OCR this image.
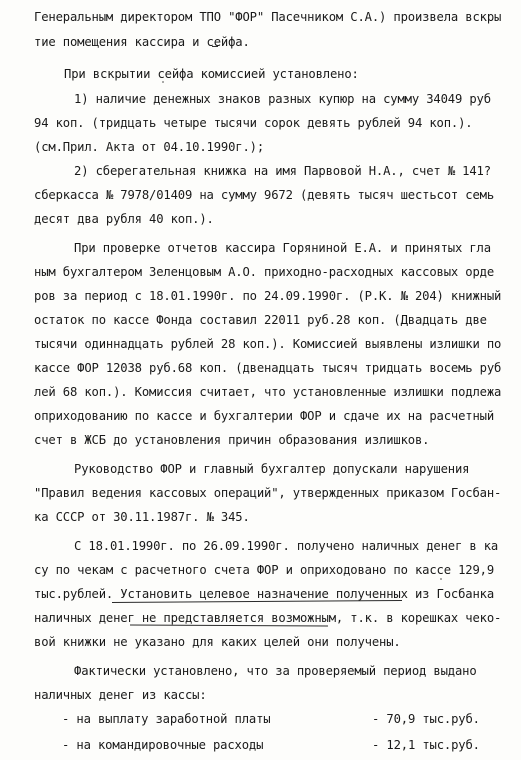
Генеральным директором ТПО "ФОР" Пасечником С.А.) произвела вскры
тие помещения кассира и сейфа.
При вскрытии сейфа комиссией установлено:
1) наличие денежных знаков разных купюр на сумму 34049 руб
94 коп. (тридцать четыре тысячи сорок девять рублей 94 коп.).
(см.Прил. Акта от 04.10.1990г.);
2) сберегательная книжка на имя Парвовой Н.А., счет № 141?
сберкасса № 7978/01409 на сумму 9672 (девять тысяч шестьсот семь
десят два рубля 40 коп.).
При проверке отчетов кассира Горяниной Е.А. и принятых гла
ным бухгалтером Зеленцовым А.О. приходно-расходных кассовых орде
ров за период с 18.01.1990г. по 24.09.1990г. (Р.К. № 204) книжный
остаток по кассе Фонда составил 22011 руб.28 коп. (Двадцать две
тысячи одиннадцать рублей 28 коп.). Комиссией выявлены излишки по
кассе ФОР 12038 руб.68 коп. (двенадцать тысяч тридцать восемь руб
лей 68 коп.). Комиссия считает, что установленные излишки подлежа
оприходованию по кассе и бухгалтерии ФОР и сдаче их на расчетный
счет в ЖСБ до установления причин образования излишков.
Руководство ФОР и главный бухгалтер допускали нарушения
"Правил ведения кассовых операций", утвержденных приказом Госбан-
ка СССР от 30.11.1987г. № 345.
С 18.01.1990г. по 26.09.1990г. получено наличных денег в ка
су по чекам с расчетного счета ФОР и оприходовано по кассе 129,9
тыс.рублей. Установить целевое назначение полученных из Госбанка
наличных денег не представляется возможным, т.к. в корешках чеко-
вой книжки не указано для каких целей они получены.
Фактически установлено, что за проверяемый период выдано
наличных денег из кассы:
- на выплату заработной платы	- 70,9 тыс.руб.
- на командировочные расходы	- 12,1 тыс.руб.
